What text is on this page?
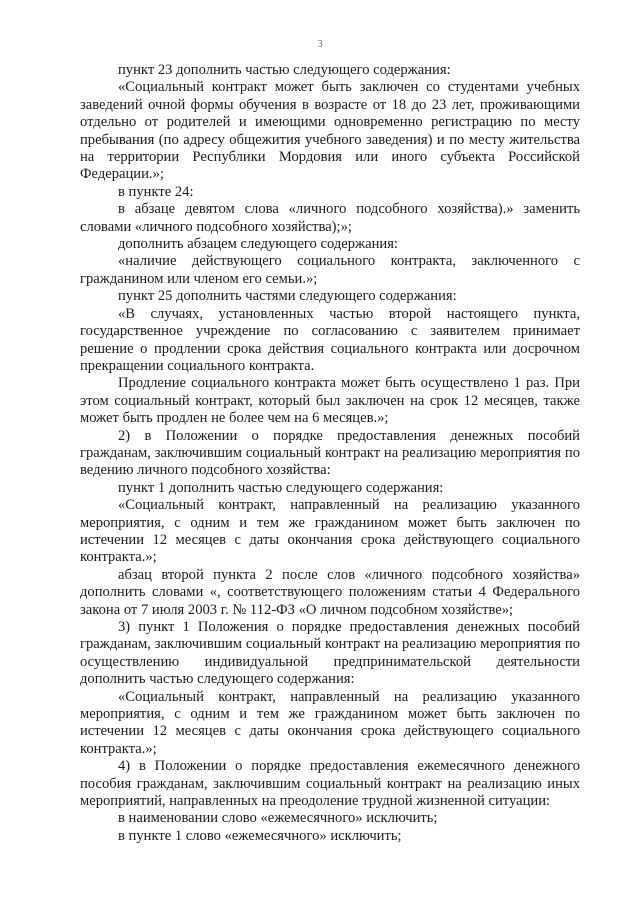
3

пункт 23 дополнить частью следующего содержания:

«Социальный контракт может быть заключен со студентами учебных заведений очной формы обучения в возрасте от 18 до 23 лет, проживающими отдельно от родителей и имеющими одновременно регистрацию по месту пребывания (по адресу общежития учебного заведения) и по месту жительства на территории Республики Мордовия или иного субъекта Российской Федерации.»;

в пункте 24:

в абзаце девятом слова «личного подсобного хозяйства).» заменить словами «личного подсобного хозяйства);»;

дополнить абзацем следующего содержания:

«наличие действующего социального контракта, заключенного с гражданином или членом его семьи.»;

пункт 25 дополнить частями следующего содержания:

«В случаях, установленных частью второй настоящего пункта, государственное учреждение по согласованию с заявителем принимает решение о продлении срока действия социального контракта или досрочном прекращении социального контракта.

Продление социального контракта может быть осуществлено 1 раз. При этом социальный контракт, который был заключен на срок 12 месяцев, также может быть продлен не более чем на 6 месяцев.»;

2) в Положении о порядке предоставления денежных пособий гражданам, заключившим социальный контракт на реализацию мероприятия по ведению личного подсобного хозяйства:

пункт 1 дополнить частью следующего содержания:

«Социальный контракт, направленный на реализацию указанного мероприятия, с одним и тем же гражданином может быть заключен по истечении 12 месяцев с даты окончания срока действующего социального контракта.»;

абзац второй пункта 2 после слов «личного подсобного хозяйства» дополнить словами «, соответствующего положениям статьи 4 Федерального закона от 7 июля 2003 г. № 112-ФЗ «О личном подсобном хозяйстве»;

3) пункт 1 Положения о порядке предоставления денежных пособий гражданам, заключившим социальный контракт на реализацию мероприятия по осуществлению индивидуальной предпринимательской деятельности дополнить частью следующего содержания:

«Социальный контракт, направленный на реализацию указанного мероприятия, с одним и тем же гражданином может быть заключен по истечении 12 месяцев с даты окончания срока действующего социального контракта.»;

4) в Положении о порядке предоставления ежемесячного денежного пособия гражданам, заключившим социальный контракт на реализацию иных мероприятий, направленных на преодоление трудной жизненной ситуации:

в наименовании слово «ежемесячного» исключить;

в пункте 1 слово «ежемесячного» исключить;
